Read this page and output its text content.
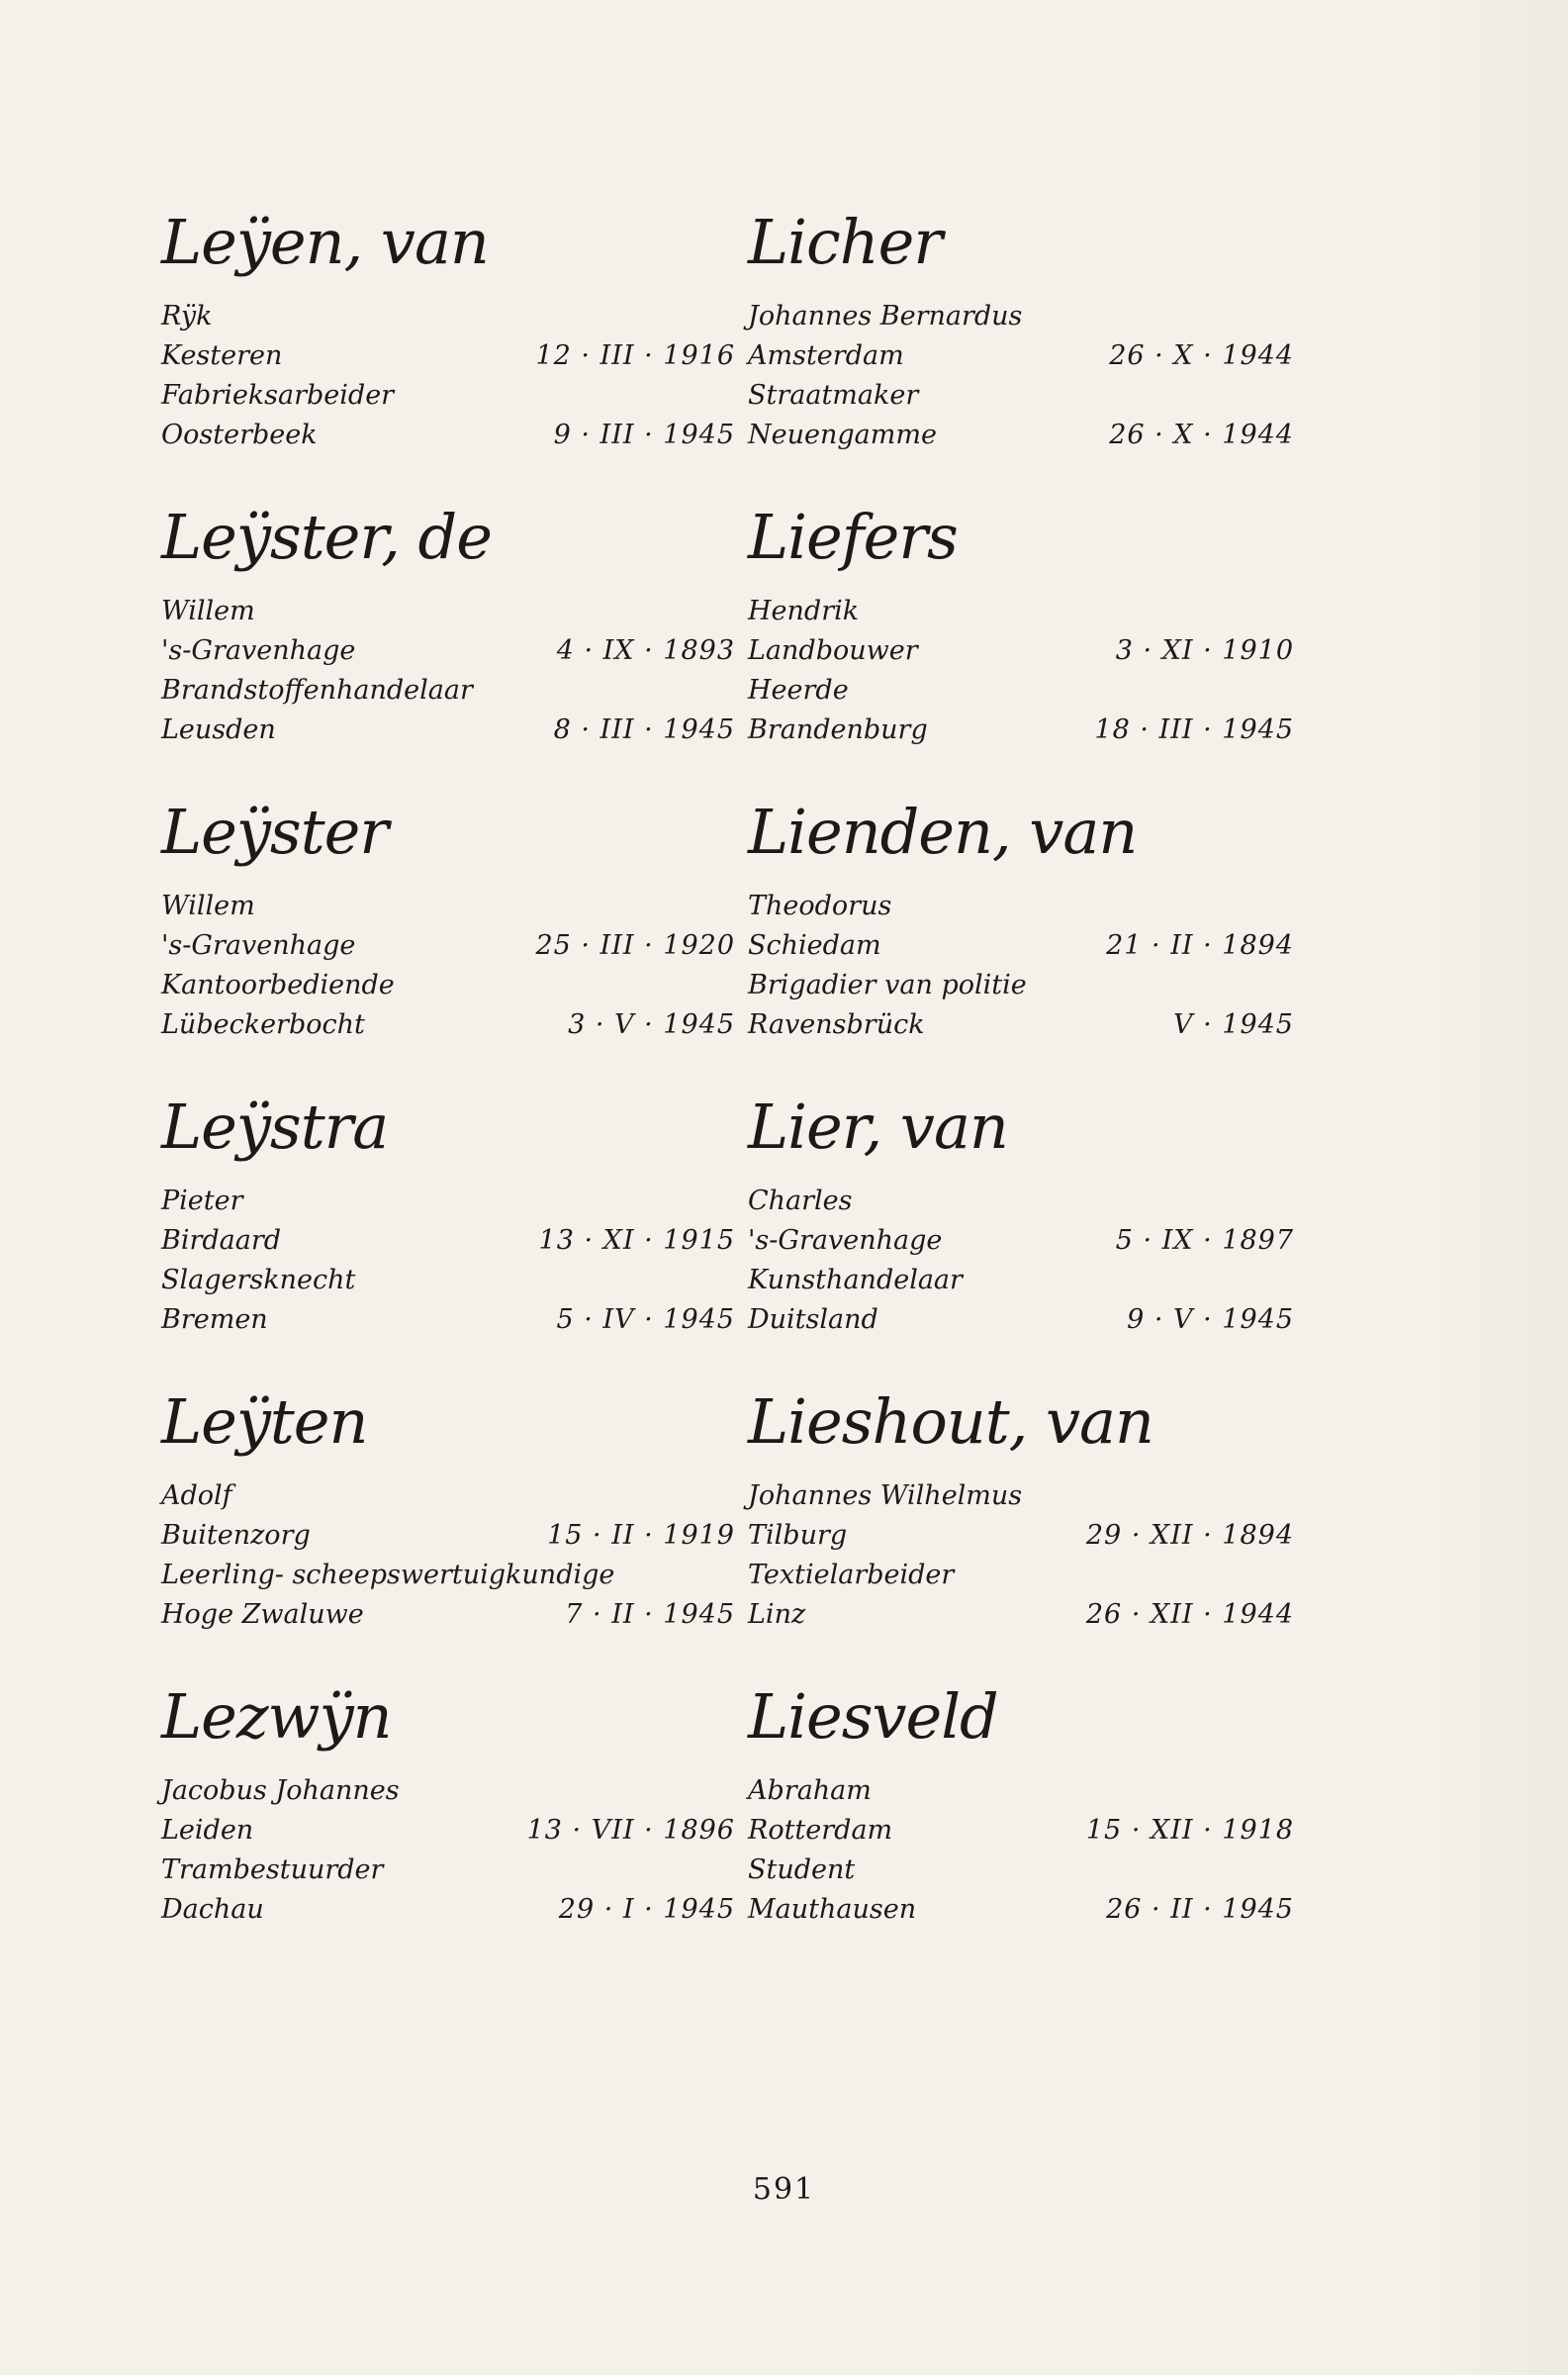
Leÿen, van
Rÿk
Kesteren	12 · III · 1916
Fabrieksarbeider
Oosterbeek	9 · III · 1945
Leÿster, de
Willem
's-Gravenhage	4 · IX · 1893
Brandstoffenhandelaar
Leusden	8 · III · 1945
Leÿster
Willem
's-Gravenhage	25 · III · 1920
Kantoorbediende
Lübeckerbocht	3 · V · 1945
Leÿstra
Pieter
Birdaard	13 · XI · 1915
Slagersknecht
Bremen	5 · IV · 1945
Leÿten
Adolf
Buitenzorg	15 · II · 1919
Leerling- scheepswertuigkundige
Hoge Zwaluwe	7 · II · 1945
Lezwÿn
Jacobus Johannes
Leiden	13 · VII · 1896
Trambestuurder
Dachau	29 · I · 1945
Licher
Johannes Bernardus
Amsterdam	26 · X · 1944
Straatmaker
Neuengamme	26 · X · 1944
Liefers
Hendrik
Landbouwer	3 · XI · 1910
Heerde
Brandenburg	18 · III · 1945
Lienden, van
Theodorus
Schiedam	21 · II · 1894
Brigadier van politie
Ravensbrück	V · 1945
Lier, van
Charles
's-Gravenhage	5 · IX · 1897
Kunsthandelaar
Duitsland	9 · V · 1945
Lieshout, van
Johannes Wilhelmus
Tilburg	29 · XII · 1894
Textielarbeider
Linz	26 · XII · 1944
Liesveld
Abraham
Rotterdam	15 · XII · 1918
Student
Mauthausen	26 · II · 1945
591
